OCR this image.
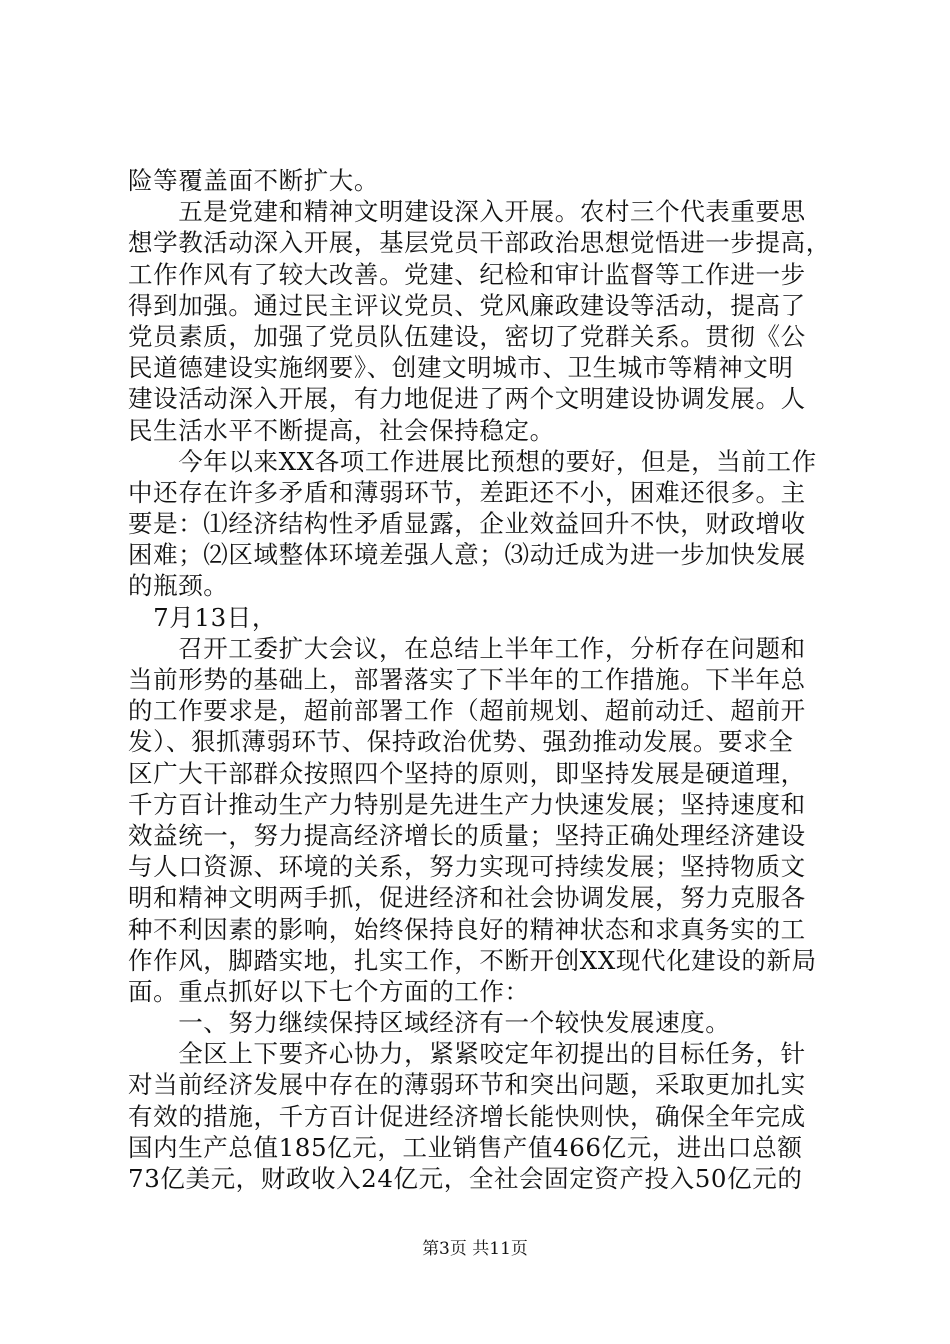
险等覆盖面不断扩大。
　　五是党建和精神文明建设深入开展。农村三个代表重要思
想学教活动深入开展，基层党员干部政治思想觉悟进一步提高，
工作作风有了较大改善。党建、纪检和审计监督等工作进一步
得到加强。通过民主评议党员、党风廉政建设等活动，提高了
党员素质，加强了党员队伍建设，密切了党群关系。贯彻《公
民道德建设实施纲要》、创建文明城市、卫生城市等精神文明
建设活动深入开展，有力地促进了两个文明建设协调发展。人
民生活水平不断提高，社会保持稳定。
　　今年以来XX各项工作进展比预想的要好，但是，当前工作
中还存在许多矛盾和薄弱环节，差距还不小，困难还很多。主
要是：⑴经济结构性矛盾显露，企业效益回升不快，财政增收
困难；⑵区域整体环境差强人意；⑶动迁成为进一步加快发展
的瓶颈。
　7月13日，
　　召开工委扩大会议，在总结上半年工作，分析存在问题和
当前形势的基础上，部署落实了下半年的工作措施。下半年总
的工作要求是，超前部署工作（超前规划、超前动迁、超前开
发）、狠抓薄弱环节、保持政治优势、强劲推动发展。要求全
区广大干部群众按照四个坚持的原则，即坚持发展是硬道理，
千方百计推动生产力特别是先进生产力快速发展；坚持速度和
效益统一，努力提高经济增长的质量；坚持正确处理经济建设
与人口资源、环境的关系，努力实现可持续发展；坚持物质文
明和精神文明两手抓，促进经济和社会协调发展，努力克服各
种不利因素的影响，始终保持良好的精神状态和求真务实的工
作作风，脚踏实地，扎实工作，不断开创XX现代化建设的新局
面。重点抓好以下七个方面的工作：
　　一、努力继续保持区域经济有一个较快发展速度。
　　全区上下要齐心协力，紧紧咬定年初提出的目标任务，针
对当前经济发展中存在的薄弱环节和突出问题，采取更加扎实
有效的措施，千方百计促进经济增长能快则快，确保全年完成
国内生产总值185亿元，工业销售产值466亿元，进出口总额
73亿美元，财政收入24亿元，全社会固定资产投入50亿元的
第3页 共11页
